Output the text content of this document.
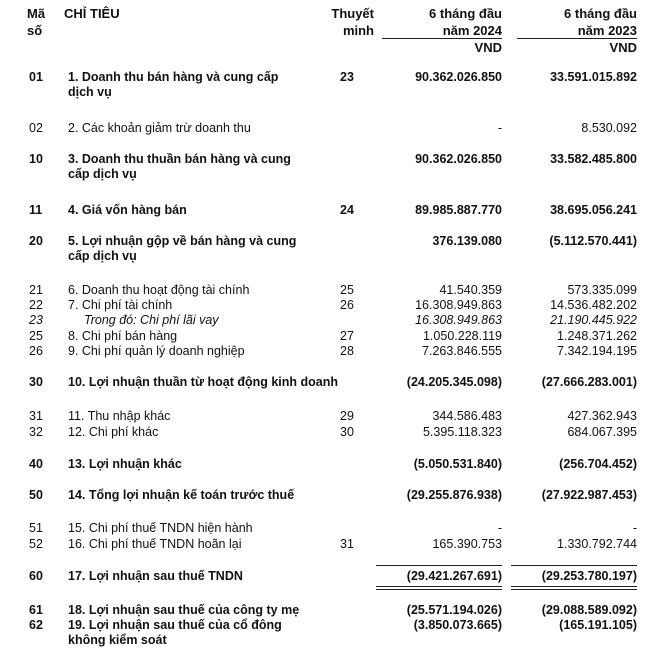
Mã
số
CHỈ TIÊU	Thuyết
minh
6 tháng đầu
năm 2024
VND
6 tháng đầu
năm 2023
VND
01	1. Doanh thu bán hàng và cung cấp
dịch vụ
23	90.362.026.850	33.591.015.892
02	2. Các khoản giảm trừ doanh thu	-	8.530.092
10	3. Doanh thu thuần bán hàng và cung
cấp dịch vụ
90.362.026.850	33.582.485.800
11	4. Giá vốn hàng bán	24	89.985.887.770	38.695.056.241
20	5. Lợi nhuận gộp về bán hàng và cung
cấp dịch vụ
376.139.080	(5.112.570.441)
21	6. Doanh thu hoạt động tài chính	25	41.540.359	573.335.099
22	7. Chi phí tài chính	26	16.308.949.863	14.536.482.202
23	Trong đó: Chi phí lãi vay	16.308.949.863	21.190.445.922
25	8. Chi phí bán hàng	27	1.050.228.119	1.248.371.262
26	9. Chi phí quản lý doanh nghiệp	28	7.263.846.555	7.342.194.195
30	10. Lợi nhuận thuần từ hoạt động kinh doanh	(24.205.345.098)	(27.666.283.001)
31	11. Thu nhập khác	29	344.586.483	427.362.943
32	12. Chi phí khác	30	5.395.118.323	684.067.395
40	13. Lợi nhuận khác	(5.050.531.840)	(256.704.452)
50	14. Tổng lợi nhuận kế toán trước thuế	(29.255.876.938)	(27.922.987.453)
51	15. Chi phí thuế TNDN hiện hành	-	-
52	16. Chi phí thuế TNDN hoãn lại	31	165.390.753	1.330.792.744
60	17. Lợi nhuận sau thuế TNDN	(29.421.267.691)	(29.253.780.197)
61	18. Lợi nhuận sau thuế của công ty mẹ	(25.571.194.026)	(29.088.589.092)
62	19. Lợi nhuận sau thuế của cổ đông
không kiểm soát
(3.850.073.665)	(165.191.105)
